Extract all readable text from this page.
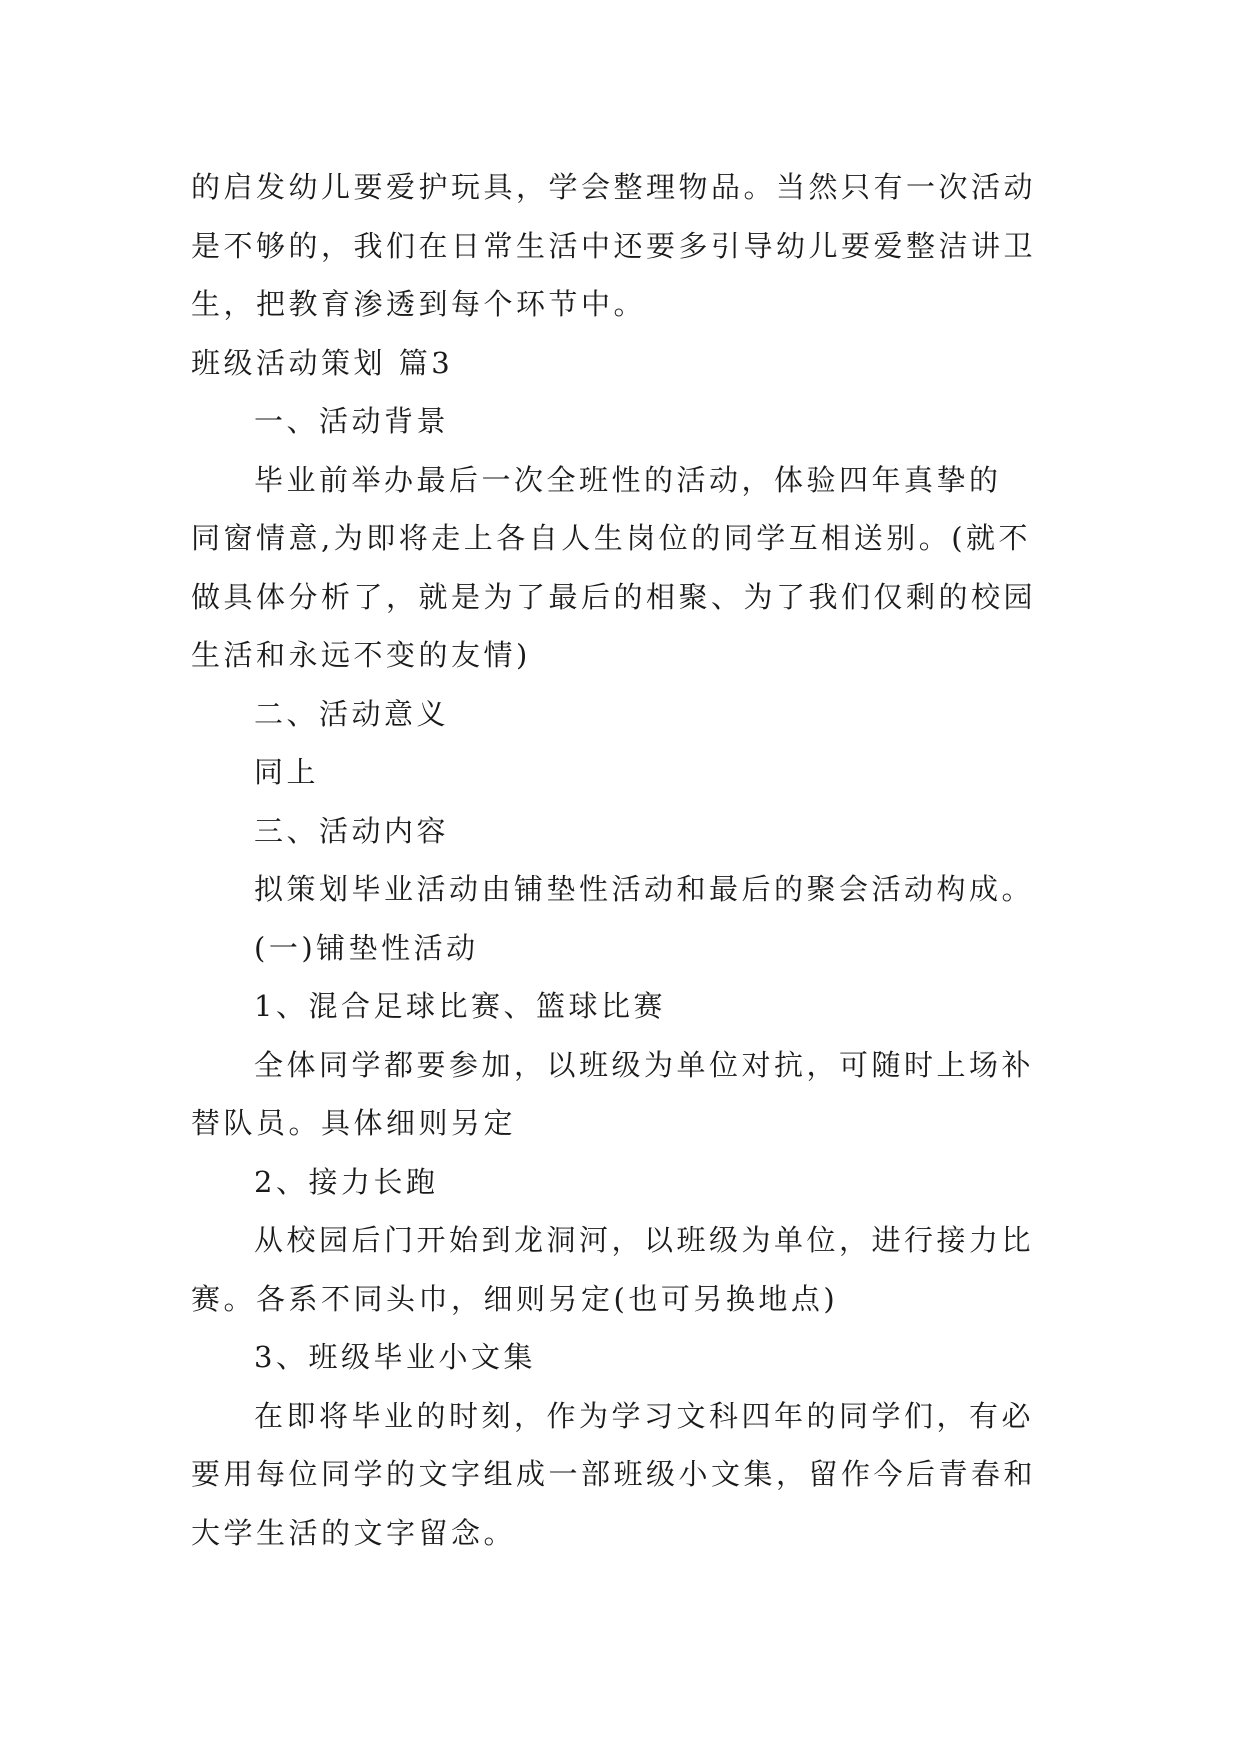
的启发幼儿要爱护玩具，学会整理物品。当然只有一次活动
是不够的，我们在日常生活中还要多引导幼儿要爱整洁讲卫
生，把教育渗透到每个环节中。
班级活动策划 篇3
一、活动背景
毕业前举办最后一次全班性的活动，体验四年真挚的
同窗情意,为即将走上各自人生岗位的同学互相送别。(就不
做具体分析了，就是为了最后的相聚、为了我们仅剩的校园
生活和永远不变的友情)
二、活动意义
同上
三、活动内容
拟策划毕业活动由铺垫性活动和最后的聚会活动构成。
(一)铺垫性活动
1、混合足球比赛、篮球比赛
全体同学都要参加，以班级为单位对抗，可随时上场补
替队员。具体细则另定
2、接力长跑
从校园后门开始到龙洞河，以班级为单位，进行接力比
赛。各系不同头巾，细则另定(也可另换地点)
3、班级毕业小文集
在即将毕业的时刻，作为学习文科四年的同学们，有必
要用每位同学的文字组成一部班级小文集，留作今后青春和
大学生活的文字留念。
